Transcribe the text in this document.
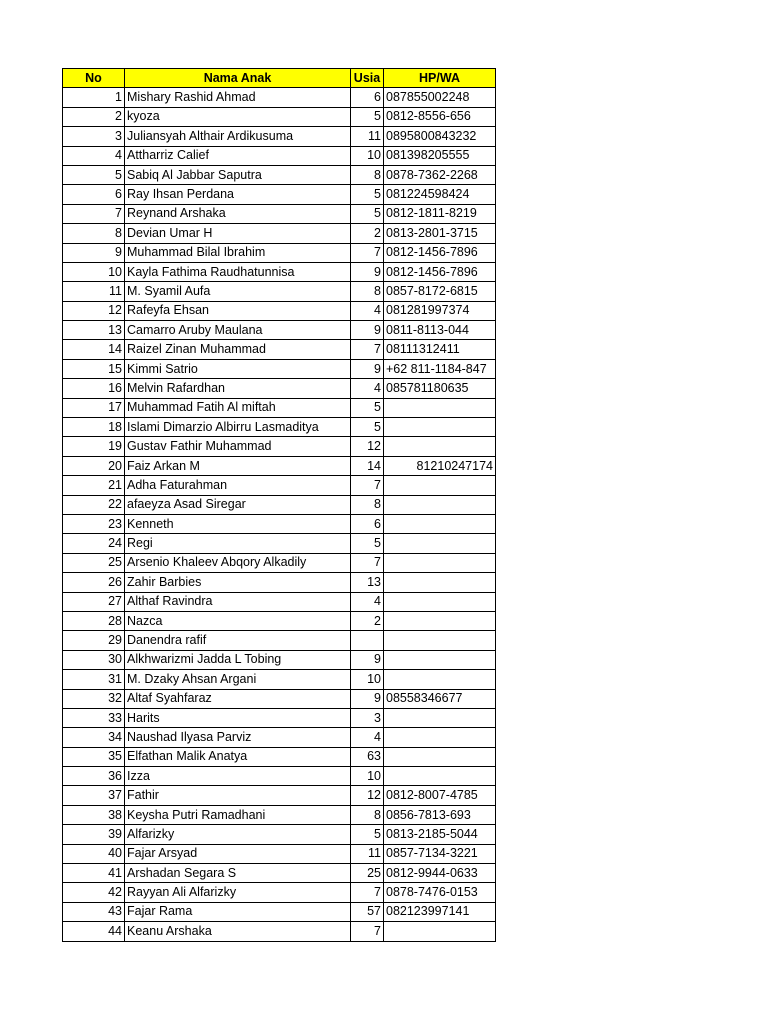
No	Nama Anak	Usia	HP/WA
1	Mishary Rashid Ahmad	6	087855002248
2	kyoza	5	0812-8556-656
3	Juliansyah Althair Ardikusuma	11	0895800843232
4	Attharriz Calief	10	081398205555
5	Sabiq Al Jabbar Saputra	8	0878-7362-2268
6	Ray Ihsan Perdana	5	081224598424
7	Reynand Arshaka	5	0812-1811-8219
8	Devian Umar H	2	0813-2801-3715
9	Muhammad Bilal Ibrahim	7	0812-1456-7896
10	Kayla Fathima Raudhatunnisa	9	0812-1456-7896
11	M. Syamil Aufa	8	0857-8172-6815
12	Rafeyfa Ehsan	4	081281997374
13	Camarro Aruby Maulana	9	0811-8113-044
14	Raizel Zinan Muhammad	7	08111312411
15	Kimmi Satrio	9	+62 811-1184-847
16	Melvin Rafardhan	4	085781180635
17	Muhammad Fatih Al miftah	5	
18	Islami Dimarzio Albirru Lasmaditya	5	
19	Gustav Fathir Muhammad	12	
20	Faiz Arkan M	14	81210247174
21	Adha Faturahman	7	
22	afaeyza Asad Siregar	8	
23	Kenneth	6	
24	Regi	5	
25	Arsenio Khaleev Abqory Alkadily	7	
26	Zahir Barbies	13	
27	Althaf Ravindra	4	
28	Nazca	2	
29	Danendra rafif		
30	Alkhwarizmi Jadda L Tobing	9	
31	M. Dzaky Ahsan Argani	10	
32	Altaf Syahfaraz	9	08558346677
33	Harits	3	
34	Naushad Ilyasa Parviz	4	
35	Elfathan Malik Anatya	63	
36	Izza	10	
37	Fathir	12	0812-8007-4785
38	Keysha Putri Ramadhani	8	0856-7813-693
39	Alfarizky	5	0813-2185-5044
40	Fajar Arsyad	11	0857-7134-3221
41	Arshadan Segara S	25	0812-9944-0633
42	Rayyan Ali Alfarizky	7	0878-7476-0153
43	Fajar Rama	57	082123997141
44	Keanu Arshaka	7	
